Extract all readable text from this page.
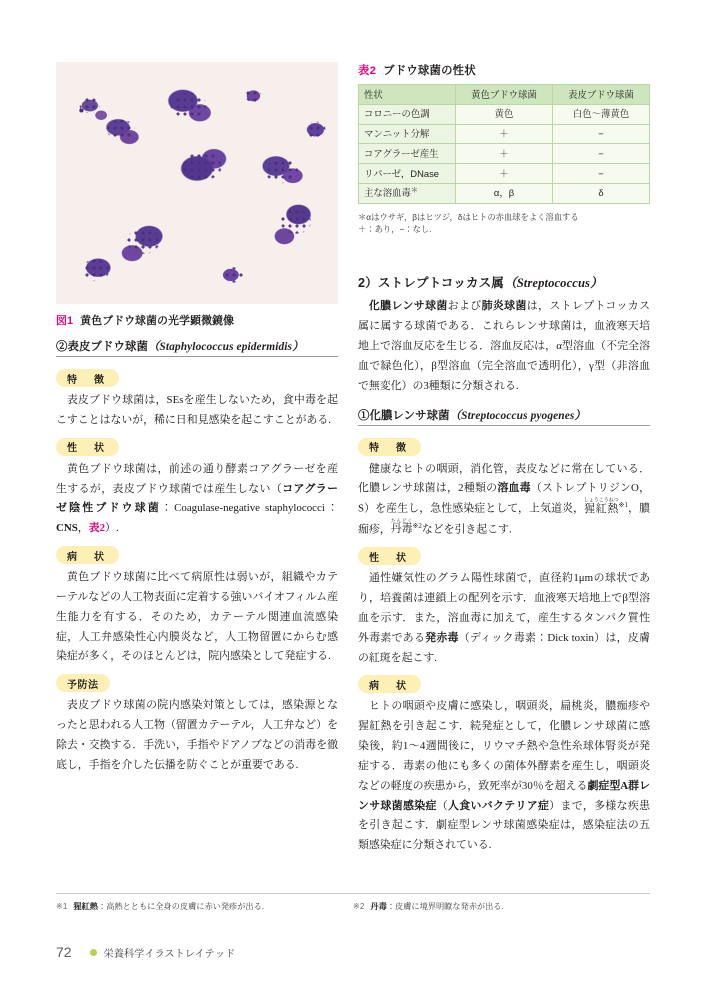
図1 黄色ブドウ球菌の光学顕微鏡像
②表皮ブドウ球菌（Staphylococcus epidermidis）
特　徴

表皮ブドウ球菌は，SEsを産生しないため，食中毒を起こすことはないが，稀に日和見感染を起こすことがある.

性　状

黄色ブドウ球菌は，前述の通り酵素コアグラーゼを産生するが，表皮ブドウ球菌では産生しない（コアグラーゼ陰性ブドウ球菌：Coagulase-negative staphylococci：CNS，表2）.

病　状

黄色ブドウ球菌に比べて病原性は弱いが，組織やカテーテルなどの人工物表面に定着する強いバイオフィルム産生能力を有する．そのため，カテーテル関連血流感染症，人工弁感染性心内膜炎など，人工物留置にからむ感染症が多く，そのほとんどは，院内感染として発症する.

予防法

表皮ブドウ球菌の院内感染対策としては，感染源となったと思われる人工物（留置カテーテル，人工弁など）を除去・交換する．手洗い，手指やドアノブなどの消毒を徹底し，手指を介した伝播を防ぐことが重要である.

表2 ブドウ球菌の性状
性状	黄色ブドウ球菌	表皮ブドウ球菌
コロニーの色調	黄色	白色〜薄黄色
マンニット分解	＋	−
コアグラーゼ産生	＋	−
リパーゼ，DNase	＋	−
主な溶血毒＊	α，β	δ
＊αはウサギ，βはヒツジ，δはヒトの赤血球をよく溶血する
＋：あり，−：なし.
2）ストレプトコッカス属（Streptococcus）

化膿レンサ球菌および肺炎球菌は，ストレプトコッカス属に属する球菌である．これらレンサ球菌は，血液寒天培地上で溶血反応を生じる．溶血反応は，α型溶血（不完全溶血で緑色化），β型溶血（完全溶血で透明化），γ型（非溶血で無変化）の3種類に分類される.

①化膿レンサ球菌（Streptococcus pyogenes）
特　徴

健康なヒトの咽頭，消化管，表皮などに常在している．化膿レンサ球菌は，2種類の溶血毒（ストレプトリジンO，S）を産生し，急性感染症として，上気道炎，猩紅熱しょうこうねつ$^{※1}$，膿痂疹，丹毒たんどく$^{※2}$などを引き起こす.

性　状

通性嫌気性のグラム陽性球菌で，直径約1μmの球状であり，培養菌は連鎖上の配列を示す．血液寒天培地上でβ型溶血を示す．また，溶血毒に加えて，産生するタンパク質性外毒素である発赤毒（ディック毒素：Dick toxin）は，皮膚の紅斑を起こす.

病　状

ヒトの咽頭や皮膚に感染し，咽頭炎，扁桃炎，膿痂疹や猩紅熱を引き起こす．続発症として，化膿レンサ球菌に感染後，約1〜4週間後に，リウマチ熱や急性糸球体腎炎が発症する．毒素の他にも多くの菌体外酵素を産生し，咽頭炎などの軽度の疾患から，致死率が30％を超える劇症型A群レンサ球菌感染症（人食いバクテリア症）まで，多様な疾患を引き起こす．劇症型レンサ球菌感染症は，感染症法の五類感染症に分類されている.

※1 猩紅熱：高熱とともに全身の皮膚に赤い発疹が出る.	※2 丹毒：皮膚に境界明瞭な発赤が出る.
72	栄養科学イラストレイテッド
